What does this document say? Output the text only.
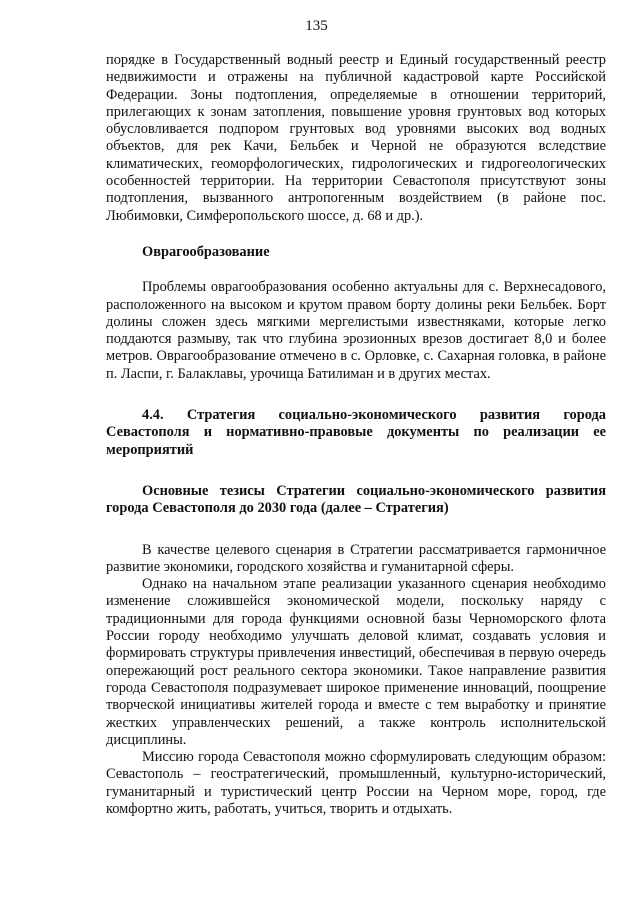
135

порядке в Государственный водный реестр и Единый государственный реестр недвижимости и отражены на публичной кадастровой карте Российской Федерации. Зоны подтопления, определяемые в отношении территорий, прилегающих к зонам затопления, повышение уровня грунтовых вод которых обусловливается подпором грунтовых вод уровнями высоких вод водных объектов, для рек Качи, Бельбек и Черной не образуются вследствие климатических, геоморфологических, гидрологических и гидрогеологических особенностей территории. На территории Севастополя присутствуют зоны подтопления, вызванного антропогенным воздействием (в районе пос. Любимовки, Симферопольского шоссе, д. 68 и др.).

Оврагообразование

Проблемы оврагообразования особенно актуальны для с. Верхнесадового, расположенного на высоком и крутом правом борту долины реки Бельбек. Борт долины сложен здесь мягкими мергелистыми известняками, которые легко поддаются размыву, так что глубина эрозионных врезов достигает 8,0 и более метров. Оврагообразование отмечено в с. Орловке, с. Сахарная головка, в районе п. Ласпи, г. Балаклавы, урочища Батилиман и в других местах.

4.4. Стратегия социально-экономического развития города Севастополя и нормативно-правовые документы по реализации ее мероприятий

Основные тезисы Стратегии социально-экономического развития города Севастополя до 2030 года (далее – Стратегия)

В качестве целевого сценария в Стратегии рассматривается гармоничное развитие экономики, городского хозяйства и гуманитарной сферы.

Однако на начальном этапе реализации указанного сценария необходимо изменение сложившейся экономической модели, поскольку наряду с традиционными для города функциями основной базы Черноморского флота России городу необходимо улучшать деловой климат, создавать условия и формировать структуры привлечения инвестиций, обеспечивая в первую очередь опережающий рост реального сектора экономики. Такое направление развития города Севастополя подразумевает широкое применение инноваций, поощрение творческой инициативы жителей города и вместе с тем выработку и принятие жестких управленческих решений, а также контроль исполнительской дисциплины.

Миссию города Севастополя можно сформулировать следующим образом: Севастополь – геостратегический, промышленный, культурно-исторический, гуманитарный и туристический центр России на Черном море, город, где комфортно жить, работать, учиться, творить и отдыхать.
